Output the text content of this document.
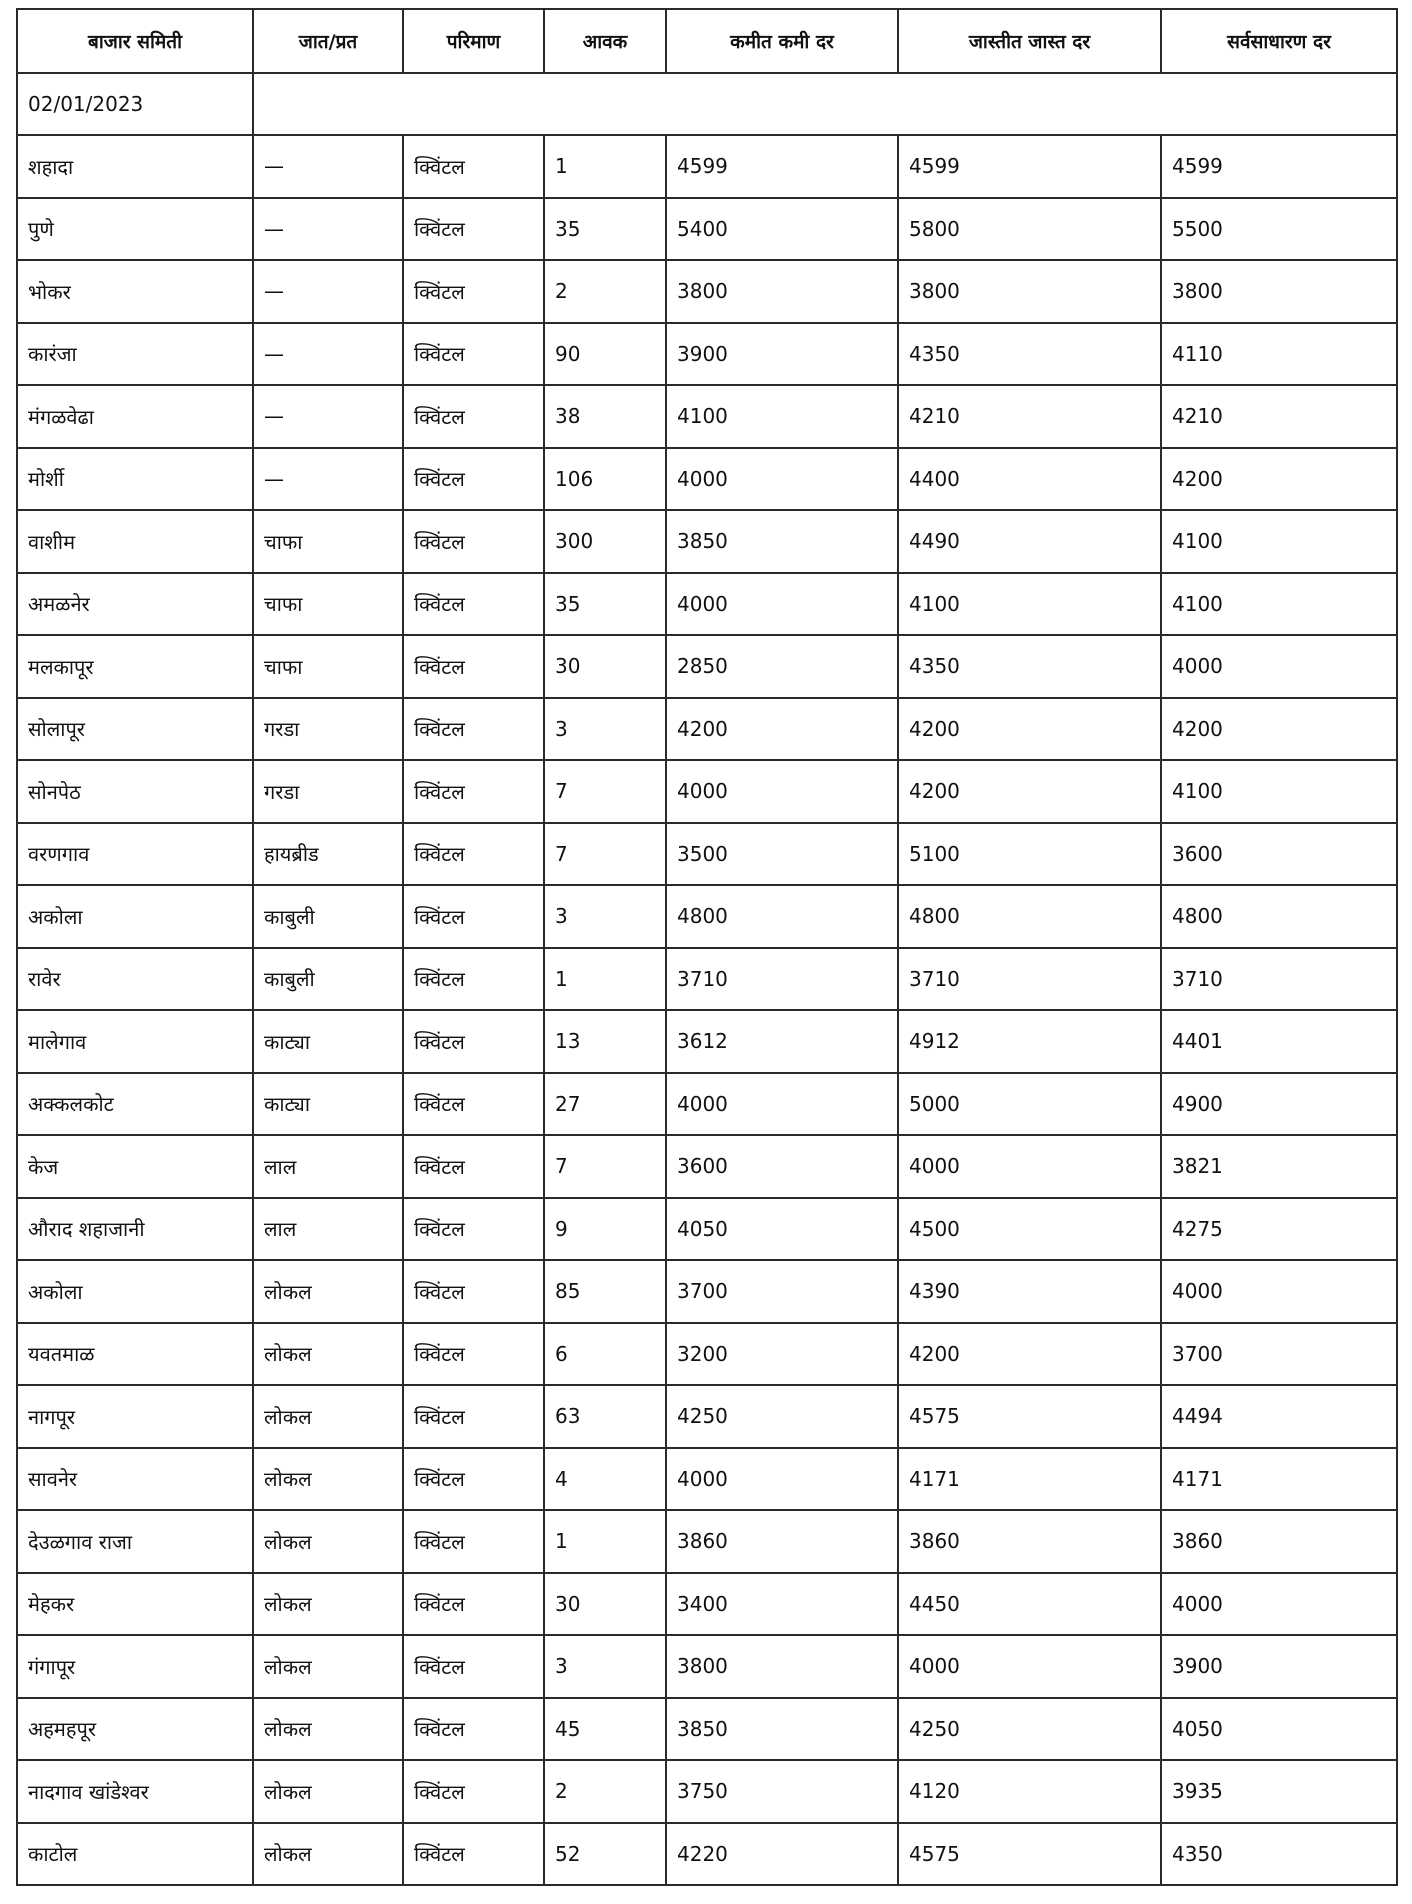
बाजार समिती	जात/प्रत	परिमाण	आवक	कमीत कमी दर	जास्तीत जास्त दर	सर्वसाधारण दर
02/01/2023						
शहादा	—	क्विंटल	1	4599	4599	4599
पुणे	—	क्विंटल	35	5400	5800	5500
भोकर	—	क्विंटल	2	3800	3800	3800
कारंजा	—	क्विंटल	90	3900	4350	4110
मंगळवेढा	—	क्विंटल	38	4100	4210	4210
मोर्शी	—	क्विंटल	106	4000	4400	4200
वाशीम	चाफा	क्विंटल	300	3850	4490	4100
अमळनेर	चाफा	क्विंटल	35	4000	4100	4100
मलकापूर	चाफा	क्विंटल	30	2850	4350	4000
सोलापूर	गरडा	क्विंटल	3	4200	4200	4200
सोनपेठ	गरडा	क्विंटल	7	4000	4200	4100
वरणगाव	हायब्रीड	क्विंटल	7	3500	5100	3600
अकोला	काबुली	क्विंटल	3	4800	4800	4800
रावेर	काबुली	क्विंटल	1	3710	3710	3710
मालेगाव	काट्या	क्विंटल	13	3612	4912	4401
अक्कलकोट	काट्या	क्विंटल	27	4000	5000	4900
केज	लाल	क्विंटल	7	3600	4000	3821
औराद शहाजानी	लाल	क्विंटल	9	4050	4500	4275
अकोला	लोकल	क्विंटल	85	3700	4390	4000
यवतमाळ	लोकल	क्विंटल	6	3200	4200	3700
नागपूर	लोकल	क्विंटल	63	4250	4575	4494
सावनेर	लोकल	क्विंटल	4	4000	4171	4171
देउळगाव राजा	लोकल	क्विंटल	1	3860	3860	3860
मेहकर	लोकल	क्विंटल	30	3400	4450	4000
गंगापूर	लोकल	क्विंटल	3	3800	4000	3900
अहमहपूर	लोकल	क्विंटल	45	3850	4250	4050
नादगाव खांडेश्वर	लोकल	क्विंटल	2	3750	4120	3935
काटोल	लोकल	क्विंटल	52	4220	4575	4350
